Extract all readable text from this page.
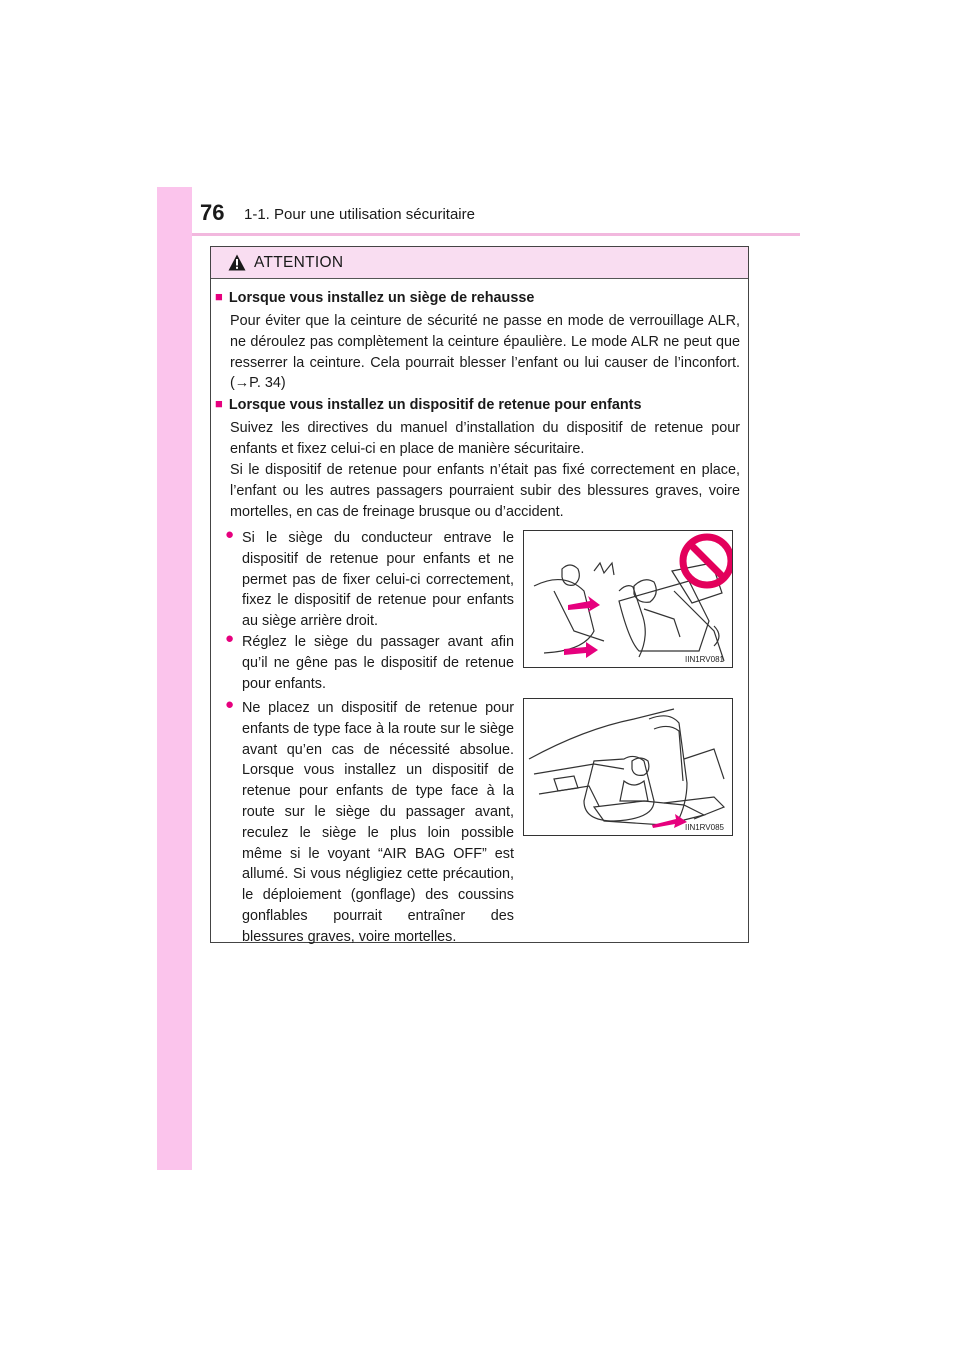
76 1-1. Pour une utilisation sécuritaire
ATTENTION
■ Lorsque vous installez un siège de rehausse
Pour éviter que la ceinture de sécurité ne passe en mode de verrouillage ALR, ne déroulez pas complètement la ceinture épaulière. Le mode ALR ne peut que resserrer la ceinture. Cela pourrait blesser l’enfant ou lui causer de l’inconfort. (→P. 34)
■ Lorsque vous installez un dispositif de retenue pour enfants
Suivez les directives du manuel d’installation du dispositif de retenue pour enfants et fixez celui-ci en place de manière sécuritaire.
Si le dispositif de retenue pour enfants n’était pas fixé correctement en place, l’enfant ou les autres passagers pourraient subir des blessures graves, voire mortelles, en cas de freinage brusque ou d’accident.
● Si le siège du conducteur entrave le dispositif de retenue pour enfants et ne permet pas de fixer celui-ci correctement, fixez le dispositif de retenue pour enfants au siège arrière droit.
● Réglez le siège du passager avant afin qu’il ne gêne pas le dispositif de retenue pour enfants.
● Ne placez un dispositif de retenue pour enfants de type face à la route sur le siège avant qu’en cas de nécessité absolue. Lorsque vous installez un dispositif de retenue pour enfants de type face à la route sur le siège du passager avant, reculez le siège le plus loin possible même si le voyant “AIR BAG OFF” est allumé. Si vous négligiez cette précaution, le déploiement (gonflage) des coussins gonflables pourrait entraîner des blessures graves, voire mortelles.
IIN1RV081
IIN1RV085
